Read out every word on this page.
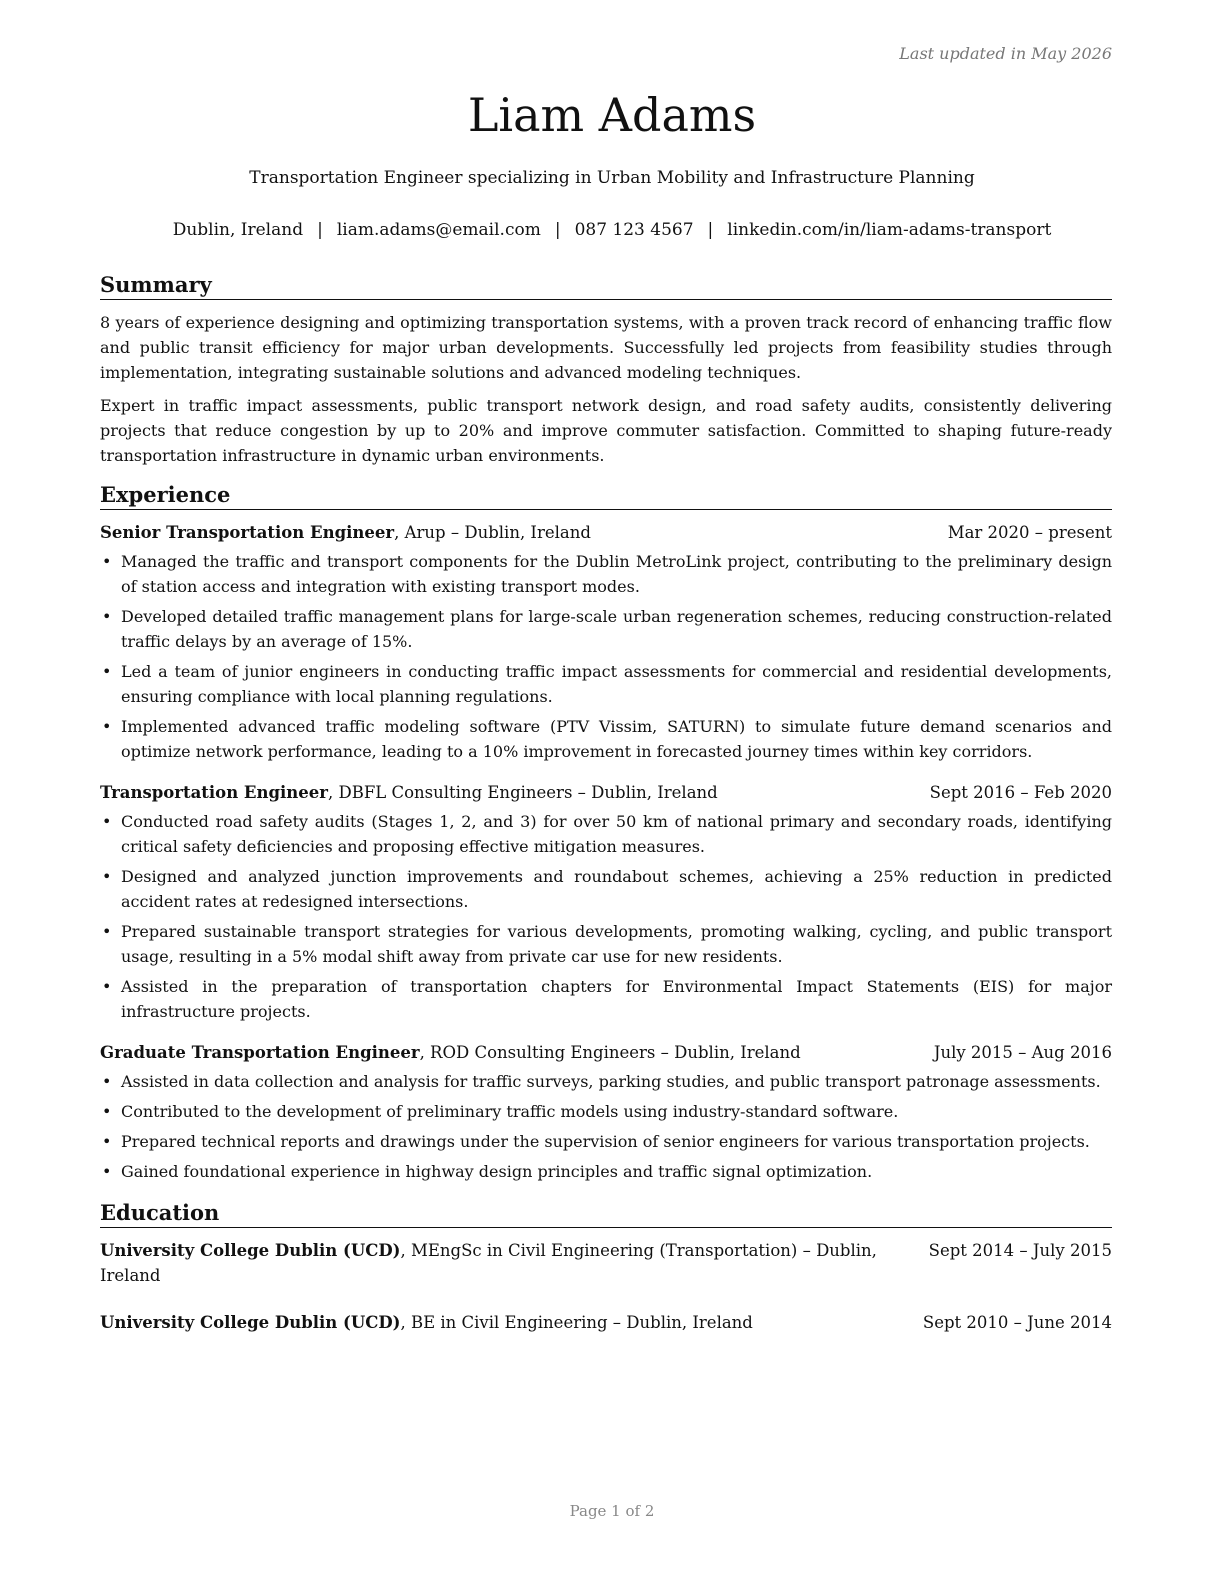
Last updated in May 2026
Liam Adams
Transportation Engineer specializing in Urban Mobility and Infrastructure Planning
Dublin, Ireland | liam.adams@email.com | 087 123 4567 | linkedin.com/in/liam-adams-transport
Summary

8 years of experience designing and optimizing transportation systems, with a proven track record of enhancing traffic flow and public transit efficiency for major urban developments. Successfully led projects from feasibility studies through implementation, integrating sustainable solutions and advanced modeling techniques.

Expert in traffic impact assessments, public transport network design, and road safety audits, consistently delivering projects that reduce congestion by up to 20% and improve commuter satisfaction. Committed to shaping future-ready transportation infrastructure in dynamic urban environments.

Experience
Senior Transportation Engineer, Arup – Dublin, Ireland	Mar 2020 – present
• Managed the traffic and transport components for the Dublin MetroLink project, contributing to the preliminary design of station access and integration with existing transport modes.
• Developed detailed traffic management plans for large-scale urban regeneration schemes, reducing construction-related traffic delays by an average of 15%.
• Led a team of junior engineers in conducting traffic impact assessments for commercial and residential developments, ensuring compliance with local planning regulations.
• Implemented advanced traffic modeling software (PTV Vissim, SATURN) to simulate future demand scenarios and optimize network performance, leading to a 10% improvement in forecasted journey times within key corridors.
Transportation Engineer, DBFL Consulting Engineers – Dublin, Ireland	Sept 2016 – Feb 2020
• Conducted road safety audits (Stages 1, 2, and 3) for over 50 km of national primary and secondary roads, identifying critical safety deficiencies and proposing effective mitigation measures.
• Designed and analyzed junction improvements and roundabout schemes, achieving a 25% reduction in predicted accident rates at redesigned intersections.
• Prepared sustainable transport strategies for various developments, promoting walking, cycling, and public transport usage, resulting in a 5% modal shift away from private car use for new residents.
• Assisted in the preparation of transportation chapters for Environmental Impact Statements (EIS) for major infrastructure projects.
Graduate Transportation Engineer, ROD Consulting Engineers – Dublin, Ireland	July 2015 – Aug 2016
• Assisted in data collection and analysis for traffic surveys, parking studies, and public transport patronage assessments.
• Contributed to the development of preliminary traffic models using industry-standard software.
• Prepared technical reports and drawings under the supervision of senior engineers for various transportation projects.
• Gained foundational experience in highway design principles and traffic signal optimization.
Education
University College Dublin (UCD), MEngSc in Civil Engineering (Transportation) – Dublin, Ireland
Sept 2014 – July 2015
University College Dublin (UCD), BE in Civil Engineering – Dublin, Ireland	Sept 2010 – June 2014
Page 1 of 2
